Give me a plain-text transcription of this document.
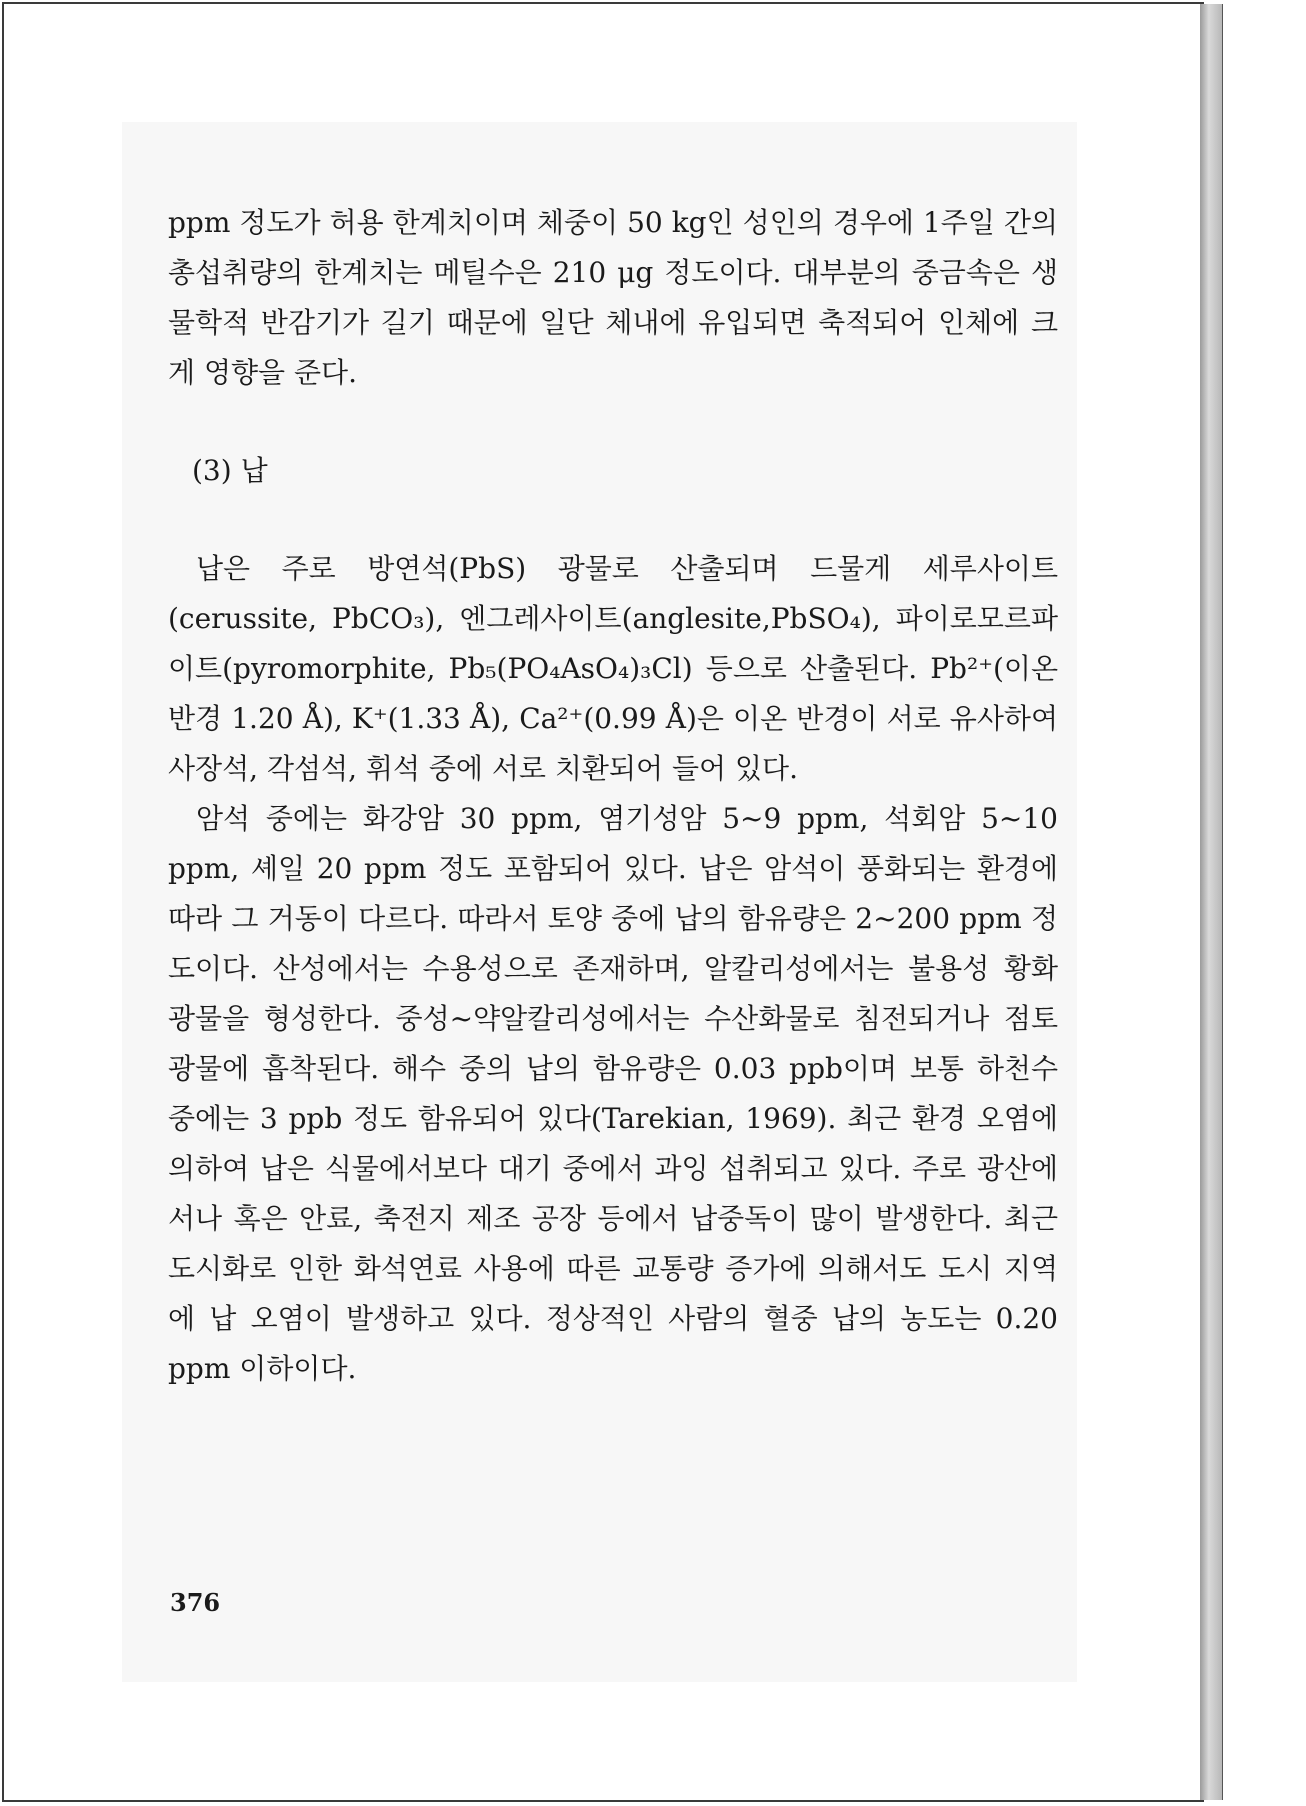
ppm 정도가 허용 한계치이며 체중이 50 kg인 성인의 경우에 1주일 간의 총섭취량의 한계치는 메틸수은 210 μg 정도이다. 대부분의 중금속은 생물학적 반감기가 길기 때문에 일단 체내에 유입되면 축적되어 인체에 크게 영향을 준다.

(3) 납

납은 주로 방연석(PbS) 광물로 산출되며 드물게 세루사이트(cerussite, PbCO₃), 엔그레사이트(anglesite,PbSO₄), 파이로모르파이트(pyromorphite, Pb₅(PO₄AsO₄)₃Cl) 등으로 산출된다. Pb²⁺(이온반경 1.20 Å), K⁺(1.33 Å), Ca²⁺(0.99 Å)은 이온 반경이 서로 유사하여 사장석, 각섬석, 휘석 중에 서로 치환되어 들어 있다.

암석 중에는 화강암 30 ppm, 염기성암 5~9 ppm, 석회암 5~10 ppm, 셰일 20 ppm 정도 포함되어 있다. 납은 암석이 풍화되는 환경에 따라 그 거동이 다르다. 따라서 토양 중에 납의 함유량은 2~200 ppm 정도이다. 산성에서는 수용성으로 존재하며, 알칼리성에서는 불용성 황화 광물을 형성한다. 중성~약알칼리성에서는 수산화물로 침전되거나 점토 광물에 흡착된다. 해수 중의 납의 함유량은 0.03 ppb이며 보통 하천수 중에는 3 ppb 정도 함유되어 있다(Tarekian, 1969). 최근 환경 오염에 의하여 납은 식물에서보다 대기 중에서 과잉 섭취되고 있다. 주로 광산에서나 혹은 안료, 축전지 제조 공장 등에서 납중독이 많이 발생한다. 최근 도시화로 인한 화석연료 사용에 따른 교통량 증가에 의해서도 도시 지역에 납 오염이 발생하고 있다. 정상적인 사람의 혈중 납의 농도는 0.20 ppm 이하이다.

376
